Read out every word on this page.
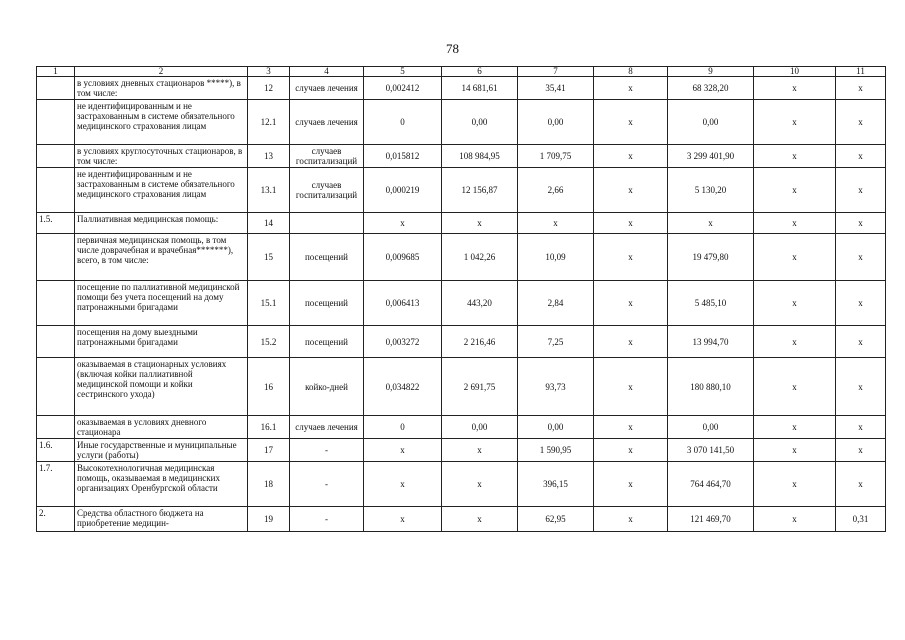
78
1	2	3	4	5	6	7	8	9	10	11
	в условиях дневных стационаров *****), в том числе:	12	случаев лечения	0,002412	14 681,61	35,41	х	68 328,20	х	х
	не идентифицированным и не застрахованным в системе обязательного медицинского страхования лицам	12.1	случаев лечения	0	0,00	0,00	х	0,00	х	х
	в условиях круглосуточных стационаров, в том числе:	13	случаев госпитализаций	0,015812	108 984,95	1 709,75	х	3 299 401,90	х	х
	не идентифицированным и не застрахованным в системе обязательного медицинского страхования лицам	13.1	случаев госпитализаций	0,000219	12 156,87	2,66	х	5 130,20	х	х
1.5.	Паллиативная медицинская помощь:	14		х	х	х	х	х	х	х
	первичная медицинская помощь, в том числе доврачебная и врачебная*******), всего, в том числе:	15	посещений	0,009685	1 042,26	10,09	х	19 479,80	х	х
	посещение по паллиативной медицинской помощи без учета посещений на дому патронажными бригадами	15.1	посещений	0,006413	443,20	2,84	х	5 485,10	х	х
	посещения на дому выездными патронажными бригадами	15.2	посещений	0,003272	2 216,46	7,25	х	13 994,70	х	х
	оказываемая в стационарных условиях (включая койки паллиативной медицинской помощи и койки сестринского ухода)	16	койко-дней	0,034822	2 691,75	93,73	х	180 880,10	х	х
	оказываемая в условиях дневного стационара	16.1	случаев лечения	0	0,00	0,00	х	0,00	х	х
1.6.	Иные государственные и муниципальные услуги (работы)	17	-	х	х	1 590,95	х	3 070 141,50	х	х
1.7.	Высокотехнологичная медицинская помощь, оказываемая в медицинских организациях Оренбургской области	18	-	х	х	396,15	х	764 464,70	х	х
2.	Средства областного бюджета на приобретение медицин-	19	-	х	х	62,95	х	121 469,70	х	0,31
